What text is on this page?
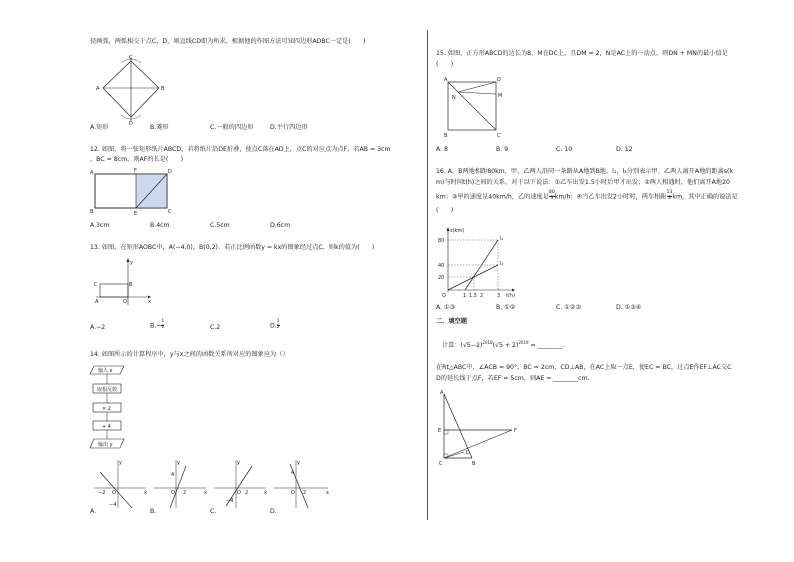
径画弧，两弧相交于点C，D，则直线CD即为所求，根据他的作图方法可知四边形ADBC一定是(　　)
C
A	B
D
A.矩形	B.菱形	C.一般的四边形	D.平行四边形
12. 如图，将一张矩形纸片ABCD，若将纸片沿DE折叠，使点C落在AD上，点C的对应点为点F，若AB = 3cm
，BC = 8cm，则AF的长是(　　)
A	F	D
B	E	C
A.3cm	B.4cm	C.5cm	D.6cm
13. 如图，在矩形AOBC中，A(−4,0)，B(0,2)．若正比例函数y = kx的图象经过点C，则k的值为(　　)
y
C	B
A	O	x
A.−2	$B.- \frac{1}{2}$	C.2	D. $\frac{1}{2}$
14. 如图所示的计算程序中，y与x之间的函数关系所对应的图象应为（）
输入 x
取相反数
× 2
+ 4
输出 y
y
x
−2 O
−4
y
x
4
O 2
y
x
O 2
−4
y
x
4
O 2
A.	B.	C.	D.
15. 如图，正方形ABCD的边长为8，M在DC上，且DM = 2，N是AC上的一动点，则DN + MN的最小值是
(　　)
A	D
N	M
B	C
A. 8	B. 9	C. 10	D. 12
16. A，B两地相距80km，甲、乙两人沿同一条路从A地到B地，l₁，l₂分别表示甲、乙两人离开A地的距离s(k
m)与时间t(h)之间的关系，对于以下说法：①乙车出发1.5小时后甲才出发；②两人相遇时，他们离开A地20
km；③甲的速度是40km/h，乙的速度是 $\frac{80}{3} km/h$；④当乙车出发2小时时，两车相距 $\frac{13}{3}$ km，其中正确的说法是
(　　)
s(km)
t(h)
O
80
40
20
1 1.5 2	3
l₁
l₂
A. ①③	B. ①②	C. ①②③	D. ①③④
二、填空题
计算：$(√5-2)^{2018}(√5 + 2)^{2019}$ = ________.
在Rt△ABC中，∠ACB = 90°，BC = 2cm，CD⊥AB，在AC上取一点E，使EC = BC，过点E作EF⊥AC交C
D的延长线于点F，若EF = 5cm，则AE = ________cm.
A
E	F
D
C	B
